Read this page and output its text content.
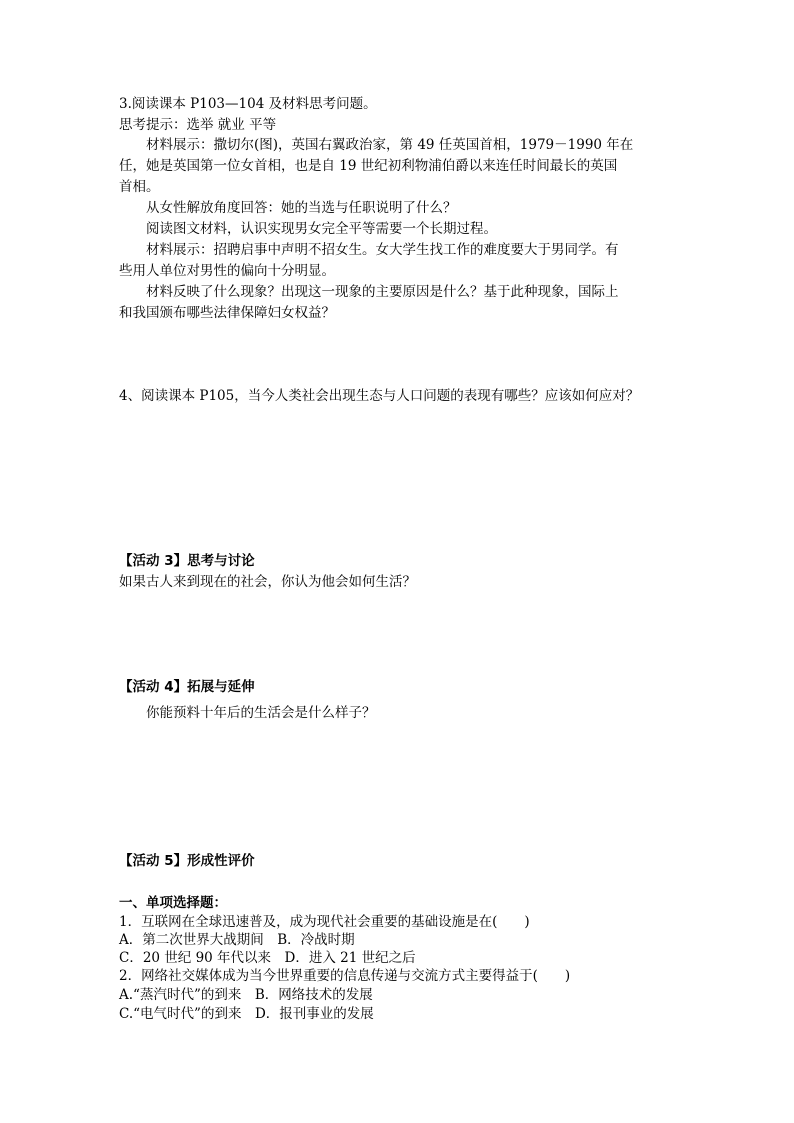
3.阅读课本 P103—104 及材料思考问题。
思考提示：选举 就业 平等
材料展示：撒切尔(图)，英国右翼政治家，第 49 任英国首相，1979－1990 年在
任，她是英国第一位女首相，也是自 19 世纪初利物浦伯爵以来连任时间最长的英国
首相。
从女性解放角度回答：她的当选与任职说明了什么？
阅读图文材料，认识实现男女完全平等需要一个长期过程。
材料展示：招聘启事中声明不招女生。女大学生找工作的难度要大于男同学。有
些用人单位对男性的偏向十分明显。
材料反映了什么现象？出现这一现象的主要原因是什么？基于此种现象，国际上
和我国颁布哪些法律保障妇女权益？
4、阅读课本 P105，当今人类社会出现生态与人口问题的表现有哪些？应该如何应对？
【活动 3】思考与讨论
如果古人来到现在的社会，你认为他会如何生活？
【活动 4】拓展与延伸
你能预料十年后的生活会是什么样子？
【活动 5】形成性评价
一、单项选择题：
1．互联网在全球迅速普及，成为现代社会重要的基础设施是在(　　)
A．第二次世界大战期间　B．冷战时期
C．20 世纪 90 年代以来　D．进入 21 世纪之后
2．网络社交媒体成为当今世界重要的信息传递与交流方式主要得益于(　　)
A.“蒸汽时代”的到来　B．网络技术的发展
C.“电气时代”的到来　D．报刊事业的发展
